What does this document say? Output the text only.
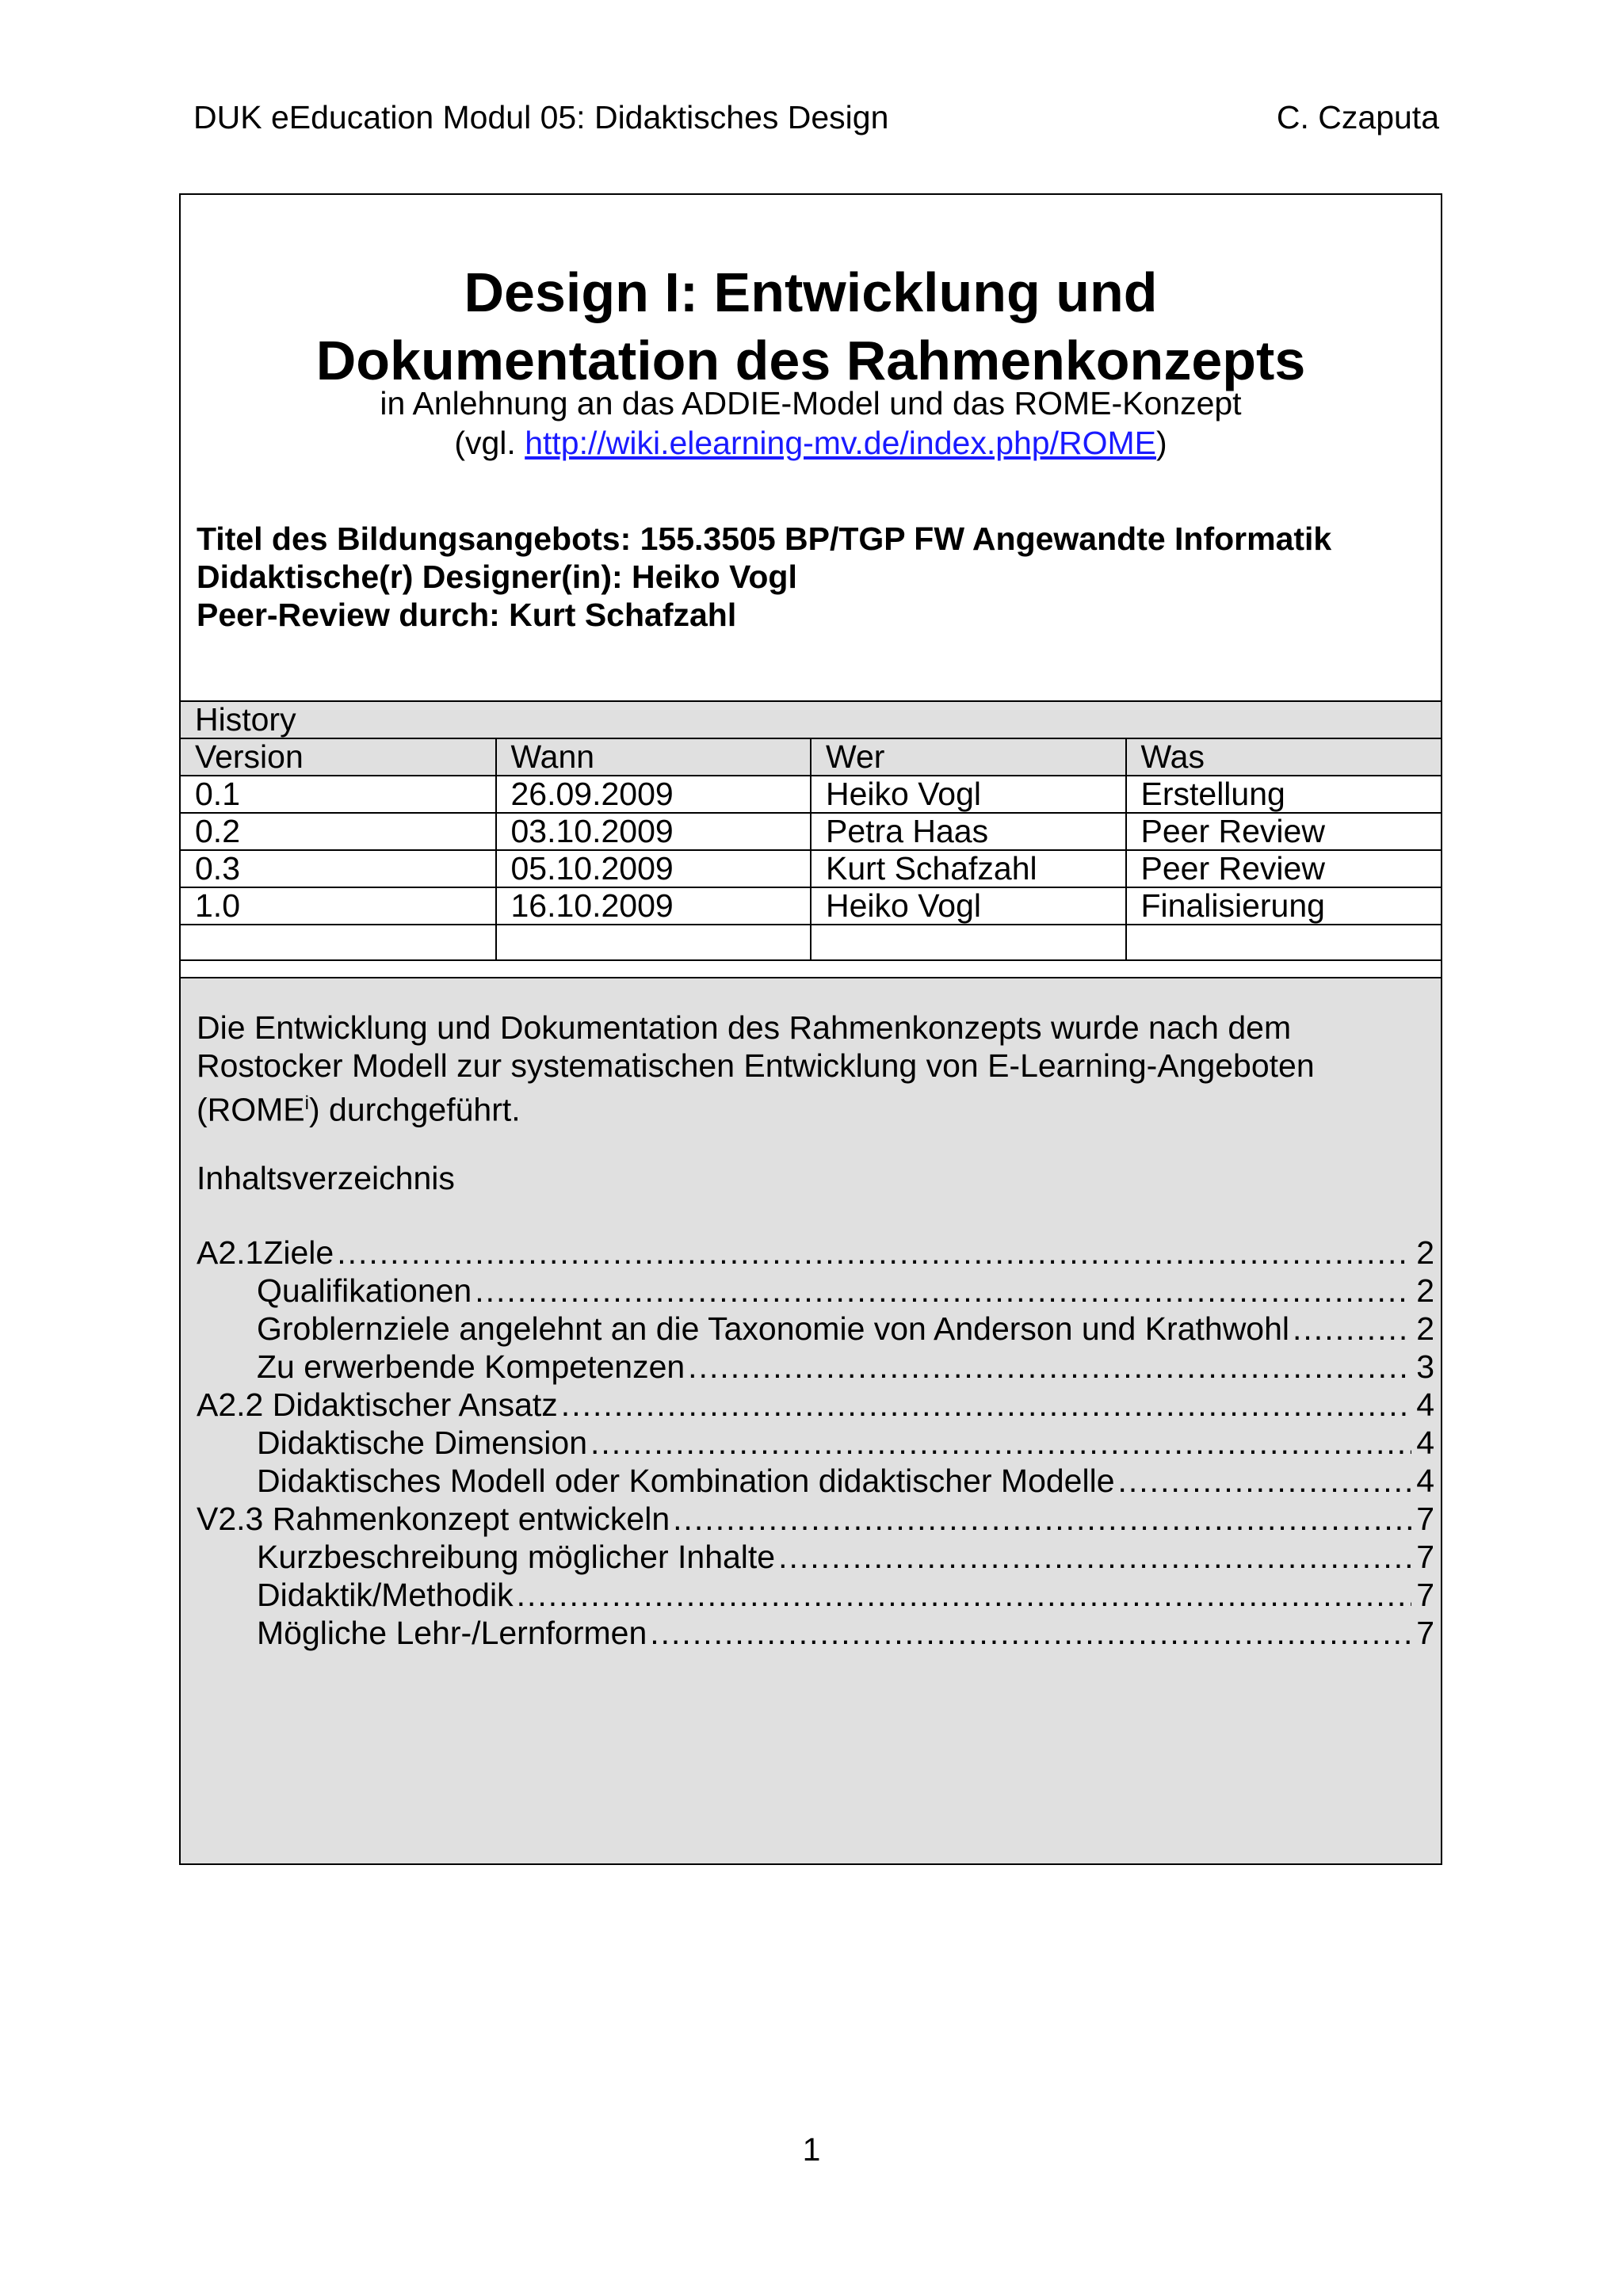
DUK eEducation Modul 05: Didaktisches Design	C. Czaputa
Design I: Entwicklung und
Dokumentation des Rahmenkonzepts
in Anlehnung an das ADDIE-Model und das ROME-Konzept
(vgl. http://wiki.elearning-mv.de/index.php/ROME)
Titel des Bildungsangebots: 155.3505 BP/TGP FW Angewandte Informatik
Didaktische(r) Designer(in): Heiko Vogl
Peer-Review durch: Kurt Schafzahl
History			
Version	Wann	Wer	Was
0.1	26.09.2009	Heiko Vogl	Erstellung
0.2	03.10.2009	Petra Haas	Peer Review
0.3	05.10.2009	Kurt Schafzahl	Peer Review
1.0	16.10.2009	Heiko Vogl	Finalisierung

Die Entwicklung und Dokumentation des Rahmenkonzepts wurde nach dem
Rostocker Modell zur systematischen Entwicklung von E-Learning-Angeboten
(ROME$^i$) durchgeführt.
Inhaltsverzeichnis
A2.1Ziele .....	2
Qualifikationen .....	2
Groblernziele angelehnt an die Taxonomie von Anderson und Krathwohl .....	2
Zu erwerbende Kompetenzen .....	3
A2.2 Didaktischer Ansatz .....	4
Didaktische Dimension .....	4
Didaktisches Modell oder Kombination didaktischer Modelle .....	4
V2.3 Rahmenkonzept entwickeln .....	7
Kurzbeschreibung möglicher Inhalte .....	7
Didaktik/Methodik .....	7
Mögliche Lehr-/Lernformen .....	7
1
